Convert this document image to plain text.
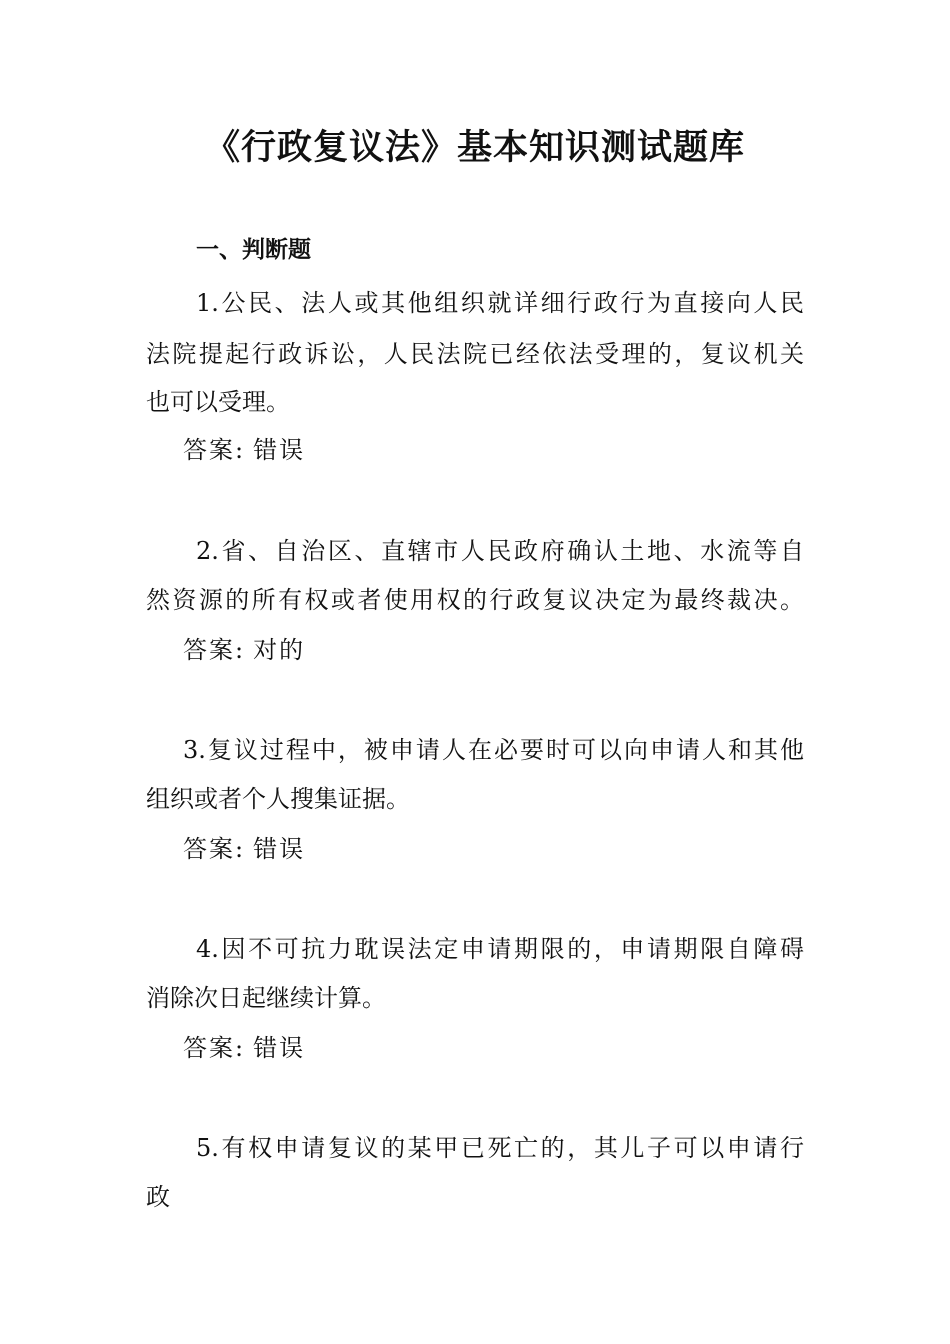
《行政复议法》基本知识测试题库
一、判断题
1.公民、法人或其他组织就详细行政行为直接向人民
法院提起行政诉讼，人民法院已经依法受理的，复议机关
也可以受理。
答案: 错误
2.省、自治区、直辖市人民政府确认土地、水流等自
然资源的所有权或者使用权的行政复议决定为最终裁决。
答案: 对的
3.复议过程中，被申请人在必要时可以向申请人和其他
组织或者个人搜集证据。
答案: 错误
4.因不可抗力耽误法定申请期限的，申请期限自障碍
消除次日起继续计算。
答案: 错误
5.有权申请复议的某甲已死亡的，其儿子可以申请行
政
